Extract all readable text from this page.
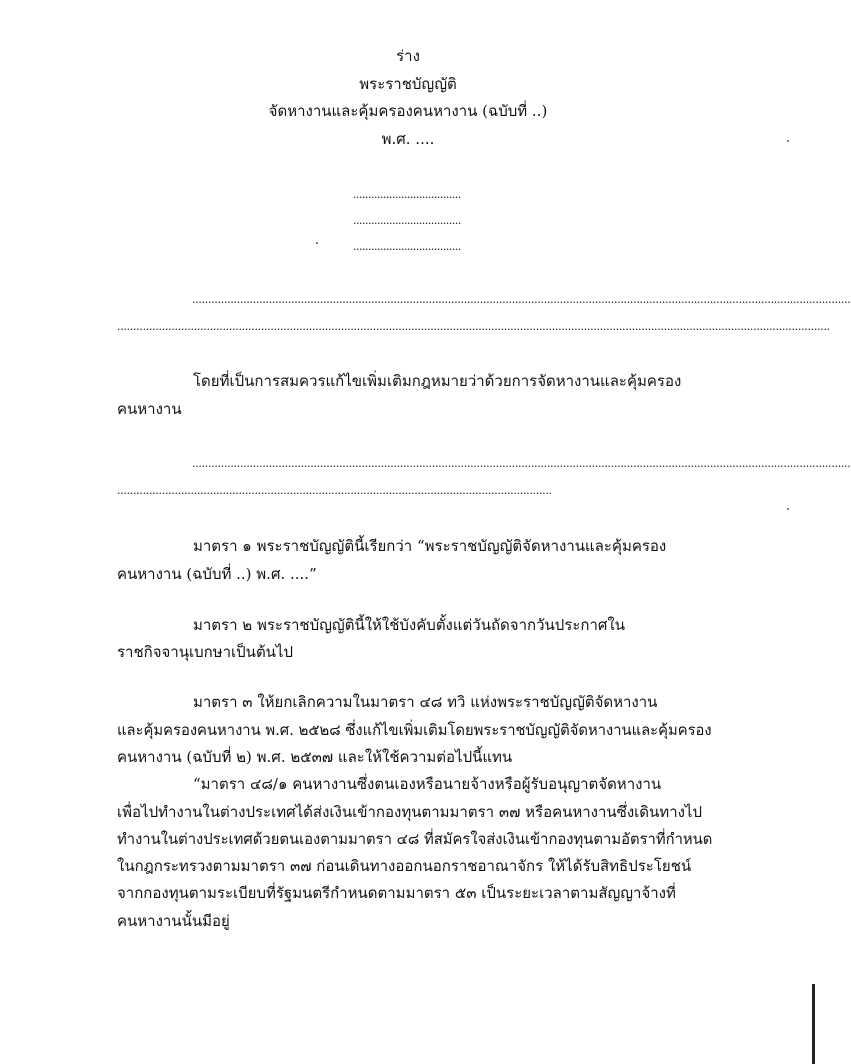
ร่าง

พระราชบัญญัติ

จัดหางานและคุ้มครองคนหางาน (ฉบับที่ ..)

พ.ศ. ....

....................................

....................................

....................................

..............................................................................................................................................................................................................

...............................................................................................................................................................................................................................

โดยที่เป็นการสมควรแก้ไขเพิ่มเติมกฎหมายว่าด้วยการจัดหางานและคุ้มครอง

คนหางาน

..............................................................................................................................................................................................................

........................................................................................................................................

มาตรา ๑ พระราชบัญญัตินี้เรียกว่า “พระราชบัญญัติจัดหางานและคุ้มครอง

คนหางาน (ฉบับที่ ..) พ.ศ. ....”

มาตรา ๒ พระราชบัญญัตินี้ให้ใช้บังคับตั้งแต่วันถัดจากวันประกาศใน

ราชกิจจานุเบกษาเป็นต้นไป

มาตรา ๓ ให้ยกเลิกความในมาตรา ๔๘ ทวิ แห่งพระราชบัญญัติจัดหางาน

และคุ้มครองคนหางาน พ.ศ. ๒๕๒๘ ซึ่งแก้ไขเพิ่มเติมโดยพระราชบัญญัติจัดหางานและคุ้มครอง

คนหางาน (ฉบับที่ ๒) พ.ศ. ๒๕๓๗ และให้ใช้ความต่อไปนี้แทน

“มาตรา ๔๘/๑ คนหางานซึ่งตนเองหรือนายจ้างหรือผู้รับอนุญาตจัดหางาน

เพื่อไปทำงานในต่างประเทศได้ส่งเงินเข้ากองทุนตามมาตรา ๓๗ หรือคนหางานซึ่งเดินทางไป

ทำงานในต่างประเทศด้วยตนเองตามมาตรา ๔๘ ที่สมัครใจส่งเงินเข้ากองทุนตามอัตราที่กำหนด

ในกฎกระทรวงตามมาตรา ๓๗ ก่อนเดินทางออกนอกราชอาณาจักร ให้ได้รับสิทธิประโยชน์

จากกองทุนตามระเบียบที่รัฐมนตรีกำหนดตามมาตรา ๕๓ เป็นระยะเวลาตามสัญญาจ้างที่

คนหางานนั้นมีอยู่
